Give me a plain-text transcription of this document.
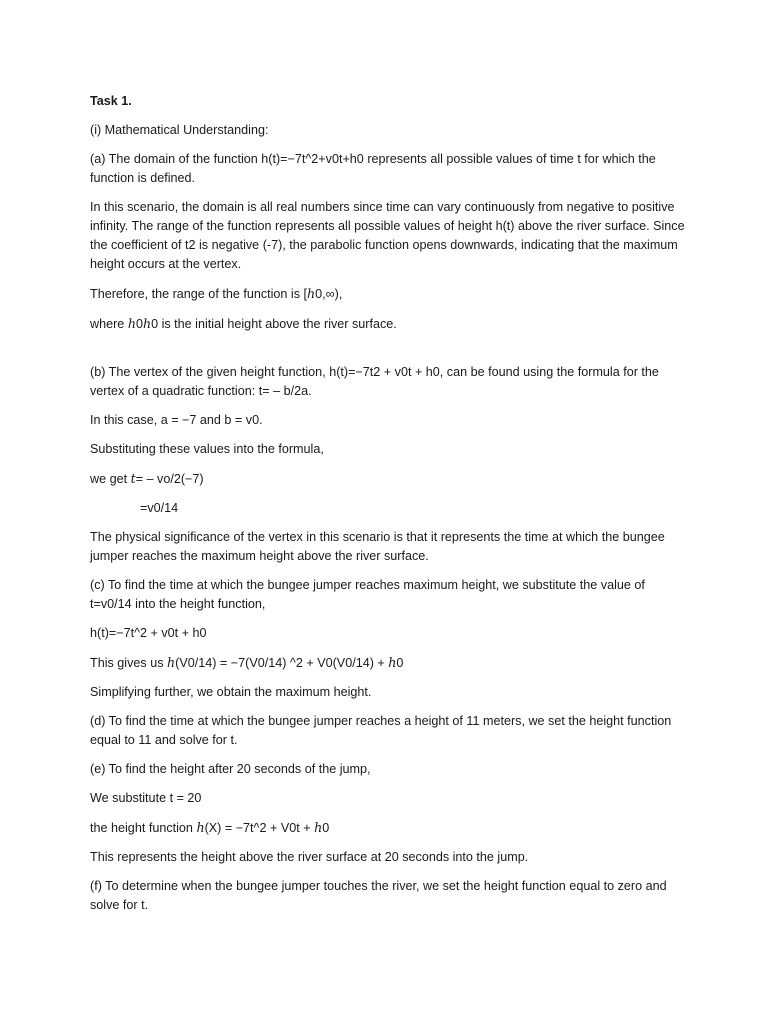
Task 1.

(i) Mathematical Understanding:

(a) The domain of the function h(t)=−7t^2+v0t+h0 represents all possible values of time t for which the function is defined.

In this scenario, the domain is all real numbers since time can vary continuously from negative to positive infinity. The range of the function represents all possible values of height h(t) above the river surface. Since the coefficient of t2 is negative (-7), the parabolic function opens downwards, indicating that the maximum height occurs at the vertex.

Therefore, the range of the function is [ℎ0,∞),

where ℎ0ℎ0 is the initial height above the river surface.

(b) The vertex of the given height function, h(t)=−7t2 + v0t + h0, can be found using the formula for the vertex of a quadratic function: t= – b/2a.

In this case, a = −7 and b = v0.

Substituting these values into the formula,

we get t= – vo/2(−7)

=v0/14

The physical significance of the vertex in this scenario is that it represents the time at which the bungee jumper reaches the maximum height above the river surface.

(c) To find the time at which the bungee jumper reaches maximum height, we substitute the value of t=v0/14 into the height function,

h(t)=−7t^2 + v0t + h0

This gives us h(V0/14) = −7(V0/14) ^2 + V0(V0/14) + h0

Simplifying further, we obtain the maximum height.

(d) To find the time at which the bungee jumper reaches a height of 11 meters, we set the height function equal to 11 and solve for t.

(e) To find the height after 20 seconds of the jump,

We substitute t = 20

the height function h(X) = −7t^2 + V0t + h0

This represents the height above the river surface at 20 seconds into the jump.

(f) To determine when the bungee jumper touches the river, we set the height function equal to zero and solve for t.
